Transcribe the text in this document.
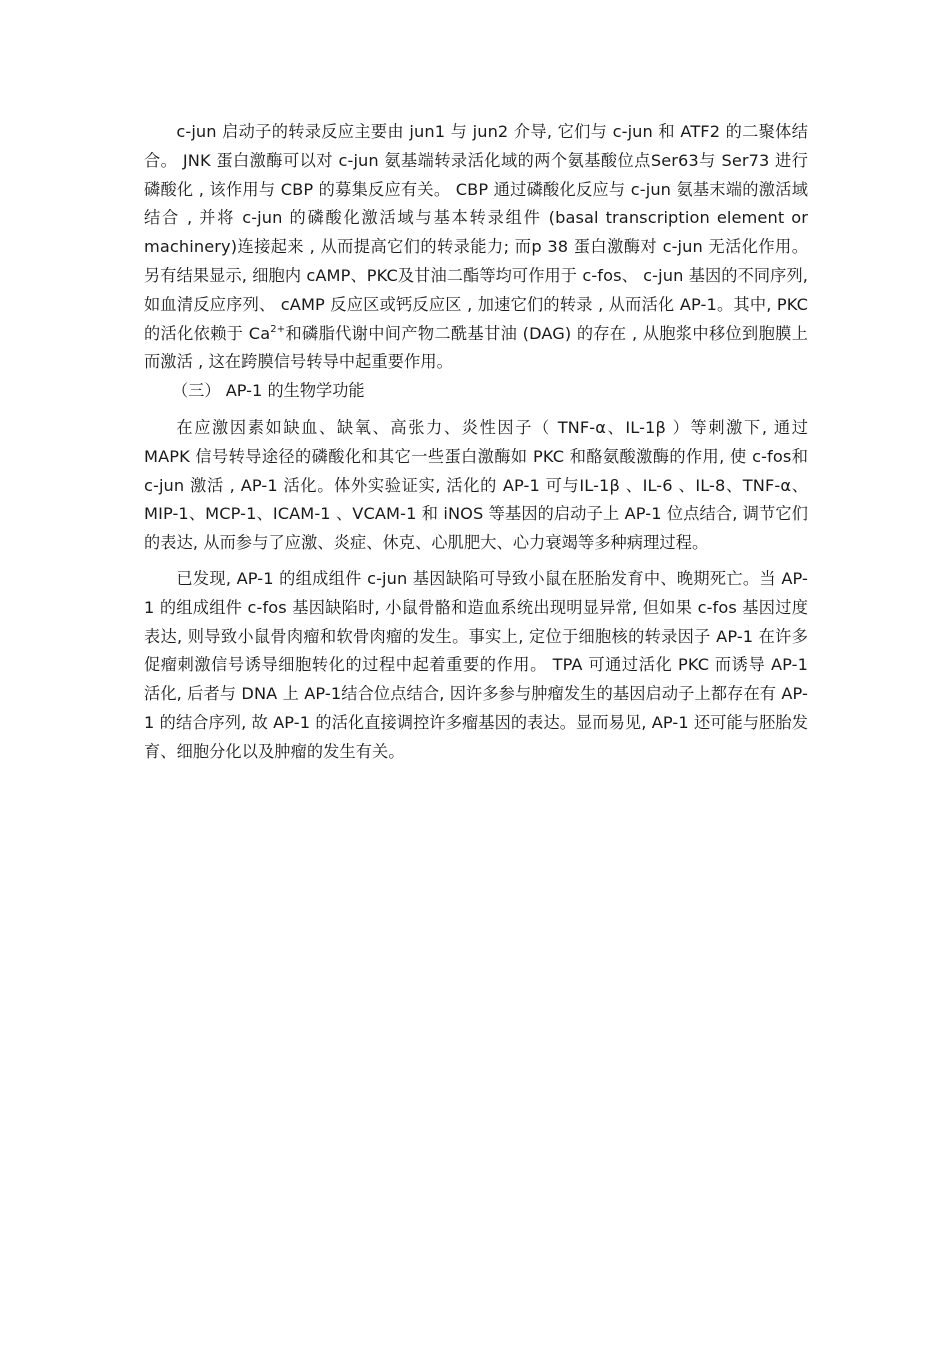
c-jun 启动子的转录反应主要由 jun1 与 jun2 介导, 它们与 c-jun 和 ATF2 的二聚体结合。 JNK 蛋白激酶可以对 c-jun 氨基端转录活化域的两个氨基酸位点Ser63与 Ser73 进行磷酸化 , 该作用与 CBP 的募集反应有关。 CBP 通过磷酸化反应与 c-jun 氨基末端的激活域结合 , 并将 c-jun 的磷酸化激活域与基本转录组件 (basal transcription element or machinery)连接起来 , 从而提高它们的转录能力; 而p 38 蛋白激酶对 c-jun 无活化作用。另有结果显示, 细胞内 cAMP、PKC及甘油二酯等均可作用于 c-fos、 c-jun 基因的不同序列, 如血清反应序列、 cAMP 反应区或钙反应区 , 加速它们的转录 , 从而活化 AP-1。其中, PKC 的活化依赖于 $Ca^{2+}$和磷脂代谢中间产物二酰基甘油 (DAG) 的存在 , 从胞浆中移位到胞膜上而激活 , 这在跨膜信号转导中起重要作用。

（三） AP-1 的生物学功能

在应激因素如缺血、缺氧、高张力、炎性因子（ TNF-α、IL-1β ）等刺激下, 通过 MAPK 信号转导途径的磷酸化和其它一些蛋白激酶如 PKC 和酪氨酸激酶的作用, 使 c-fos和 c-jun 激活 , AP-1 活化。体外实验证实, 活化的 AP-1 可与IL-1β 、IL-6 、IL-8、TNF-α、MIP-1、MCP-1、ICAM-1 、VCAM-1 和 iNOS 等基因的启动子上 AP-1 位点结合, 调节它们的表达, 从而参与了应激、炎症、休克、心肌肥大、心力衰竭等多种病理过程。

已发现, AP-1 的组成组件 c-jun 基因缺陷可导致小鼠在胚胎发育中、晚期死亡。当 AP-1 的组成组件 c-fos 基因缺陷时, 小鼠骨骼和造血系统出现明显异常, 但如果 c-fos 基因过度表达, 则导致小鼠骨肉瘤和软骨肉瘤的发生。事实上, 定位于细胞核的转录因子 AP-1 在许多促瘤刺激信号诱导细胞转化的过程中起着重要的作用。 TPA 可通过活化 PKC 而诱导 AP-1 活化, 后者与 DNA 上 AP-1结合位点结合, 因许多参与肿瘤发生的基因启动子上都存在有 AP-1 的结合序列, 故 AP-1 的活化直接调控许多瘤基因的表达。显而易见, AP-1 还可能与胚胎发育、细胞分化以及肿瘤的发生有关。
